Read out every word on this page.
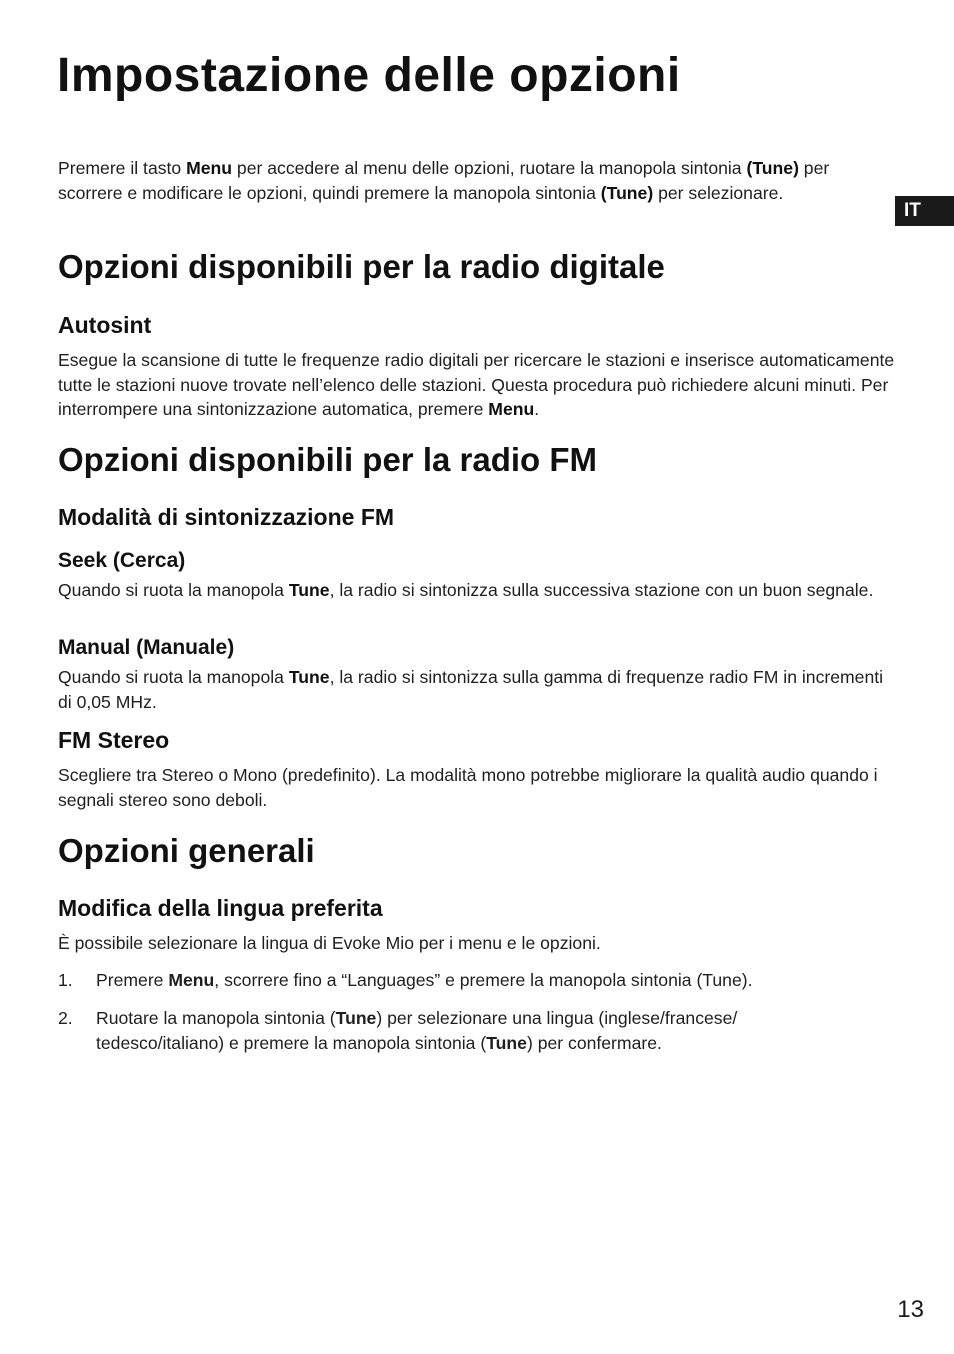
Impostazione delle opzioni
IT

Premere il tasto Menu per accedere al menu delle opzioni, ruotare la manopola sintonia (Tune) per scorrere e modificare le opzioni, quindi premere la manopola sintonia (Tune) per selezionare.

Opzioni disponibili per la radio digitale
Autosint

Esegue la scansione di tutte le frequenze radio digitali per ricercare le stazioni e inserisce automaticamente tutte le stazioni nuove trovate nell’elenco delle stazioni. Questa procedura può richiedere alcuni minuti. Per interrompere una sintonizzazione automatica, premere Menu.

Opzioni disponibili per la radio FM
Modalità di sintonizzazione FM
Seek (Cerca)

Quando si ruota la manopola Tune, la radio si sintonizza sulla successiva stazione con un buon segnale.

Manual (Manuale)

Quando si ruota la manopola Tune, la radio si sintonizza sulla gamma di frequenze radio FM in incrementi di 0,05 MHz.

FM Stereo

Scegliere tra Stereo o Mono (predefinito). La modalità mono potrebbe migliorare la qualità audio quando i segnali stereo sono deboli.

Opzioni generali
Modifica della lingua preferita

È possibile selezionare la lingua di Evoke Mio per i menu e le opzioni.

1. Premere Menu, scorrere fino a “Languages” e premere la manopola sintonia (Tune).

2. Ruotare la manopola sintonia (Tune) per selezionare una lingua (inglese/francese/ tedesco/italiano) e premere la manopola sintonia (Tune) per confermare.

13
